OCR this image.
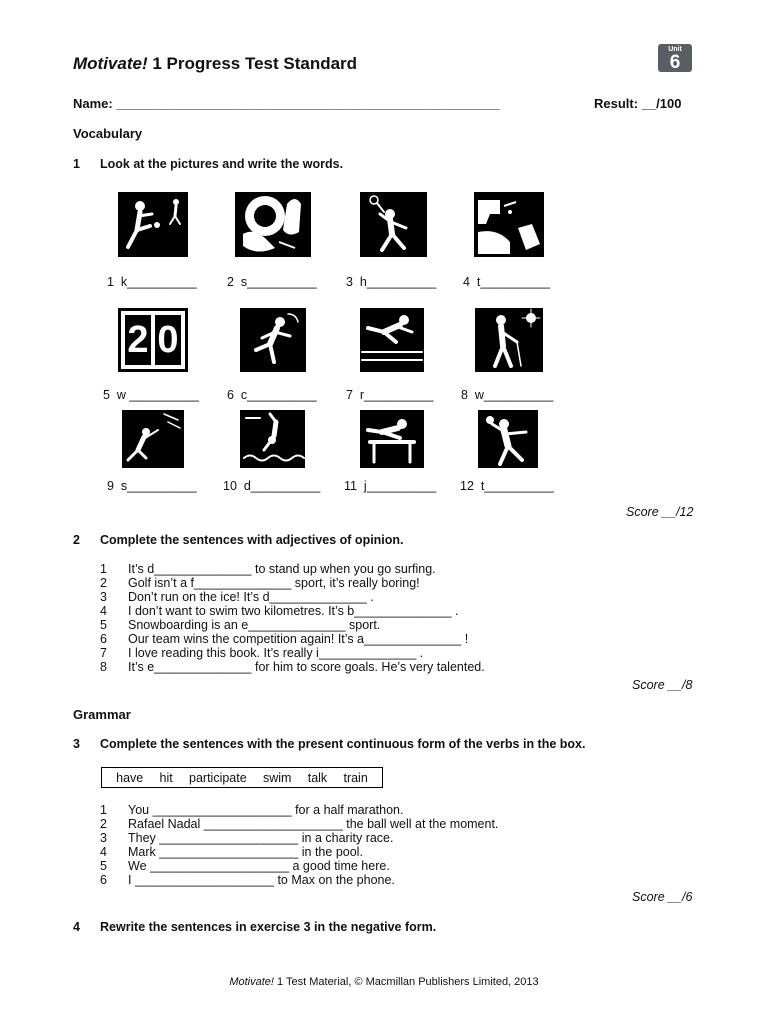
Motivate! 1 Progress Test Standard
Unit
6
Name: _____________________________________________________	Result: __/100
Vocabulary
1 Look at the pictures and write the words.
1  k__________ 2  s__________ 3  h__________ 4  t__________
2 0
5  w __________ 6  c__________ 7  r__________ 8  w__________
9  s__________ 10  d__________ 11  j__________ 12  t__________
Score __/12
2 Complete the sentences with adjectives of opinion.
1	It’s d______________ to stand up when you go surfing.
2	Golf isn’t a f______________ sport, it’s really boring!
3	Don’t run on the ice! It’s d______________ .
4	I don’t want to swim two kilometres. It’s b______________ .
5	Snowboarding is an e______________ sport.
6	Our team wins the competition again! It’s a______________ !
7	I love reading this book. It’s really i______________ .
8	It’s e______________ for him to score goals. He’s very talented.
Score __/8
Grammar
3 Complete the sentences with the present continuous form of the verbs in the box.
have hit participate swim talk train
1	You ____________________ for a half marathon.
2	Rafael Nadal ____________________ the ball well at the moment.
3	They ____________________ in a charity race.
4	Mark ____________________ in the pool.
5	We ____________________ a good time here.
6	I ____________________ to Max on the phone.
Score __/6
4 Rewrite the sentences in exercise 3 in the negative form.
Motivate! 1 Test Material, © Macmillan Publishers Limited, 2013
